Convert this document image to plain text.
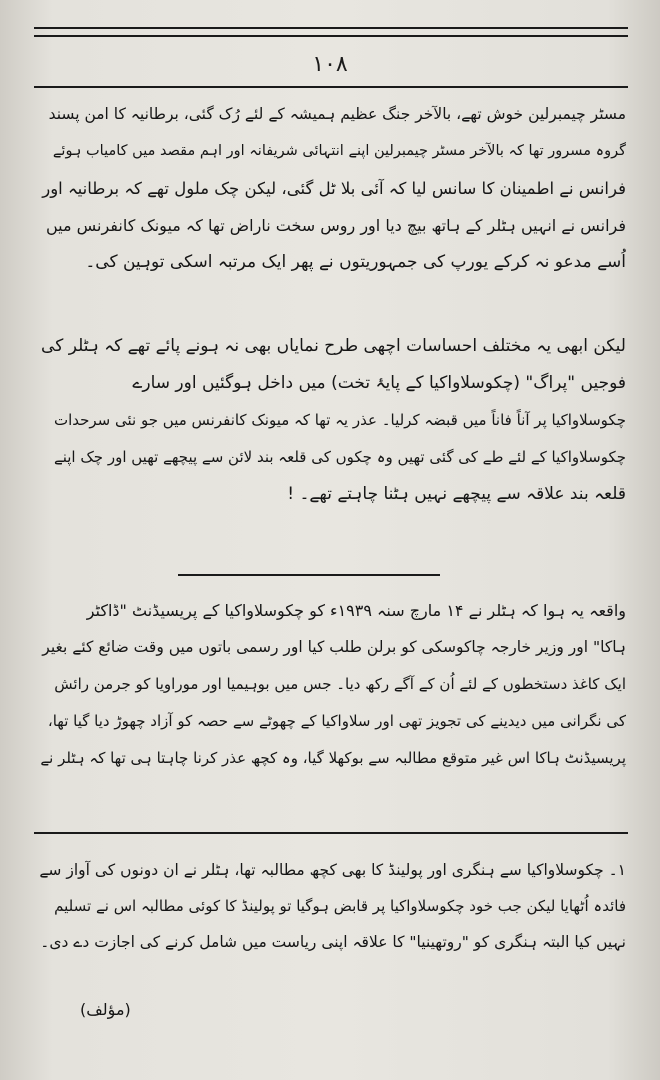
۱۰۸
مسٹر چیمبرلین خوش تھے، بالآخر جنگ عظیم ہمیشہ کے لئے رُک گئی، برطانیہ کا امن پسند
گروہ مسرور تھا کہ بالآخر مسٹر چیمبرلین اپنے انتہائی شریفانہ اور اہم مقصد میں کامیاب ہوئے
فرانس نے اطمینان کا سانس لیا کہ آئی بلا ٹل گئی، لیکن چک ملول تھے کہ برطانیہ اور
فرانس نے انہیں ہٹلر کے ہاتھ بیچ دیا اور روس سخت ناراض تھا کہ میونک کانفرنس میں
اُسے مدعو نہ کرکے یورپ کی جمہوریتوں نے پھر ایک مرتبہ اسکی توہین کی۔
لیکن ابھی یہ مختلف احساسات اچھی طرح نمایاں بھی نہ ہونے پائے تھے کہ ہٹلر کی
فوجیں "پراگ" (چکوسلاواکیا کے پایۂ تخت) میں داخل ہوگئیں اور سارے
چکوسلاواکیا پر آناً فاناً میں قبضہ کرلیا۔ عذر یہ تھا کہ میونک کانفرنس میں جو نئی سرحدات
چکوسلاواکیا کے لئے طے کی گئی تھیں وہ چکوں کی قلعہ بند لائن سے پیچھے تھیں اور چک اپنے
قلعہ بند علاقہ سے پیچھے نہیں ہٹنا چاہتے تھے۔ !
واقعہ یہ ہوا کہ ہٹلر نے ۱۴ مارچ سنہ ۱۹۳۹ء کو چکوسلاواکیا کے پریسیڈنٹ "ڈاکٹر
ہاکا" اور وزیر خارجہ چاکوسکی کو برلن طلب کیا اور رسمی باتوں میں وقت ضائع کئے بغیر
ایک کاغذ دستخطوں کے لئے اُن کے آگے رکھ دیا۔ جس میں بوہیمیا اور موراویا کو جرمن رائش
کی نگرانی میں دیدینے کی تجویز تھی اور سلاواکیا کے چھوٹے سے حصہ کو آزاد چھوڑ دیا گیا تھا،
پریسیڈنٹ ہاکا اس غیر متوقع مطالبہ سے بوکھلا گیا، وہ کچھ عذر کرنا چاہتا ہی تھا کہ ہٹلر نے
۱۔ چکوسلاواکیا سے ہنگری اور پولینڈ کا بھی کچھ مطالبہ تھا، ہٹلر نے ان دونوں کی آواز سے
فائدہ اُٹھایا لیکن جب خود چکوسلاواکیا پر قابض ہوگیا تو پولینڈ کا کوئی مطالبہ اس نے تسلیم
نہیں کیا البتہ ہنگری کو "روتھینیا" کا علاقہ اپنی ریاست میں شامل کرنے کی اجازت دے دی۔
(مؤلف)
